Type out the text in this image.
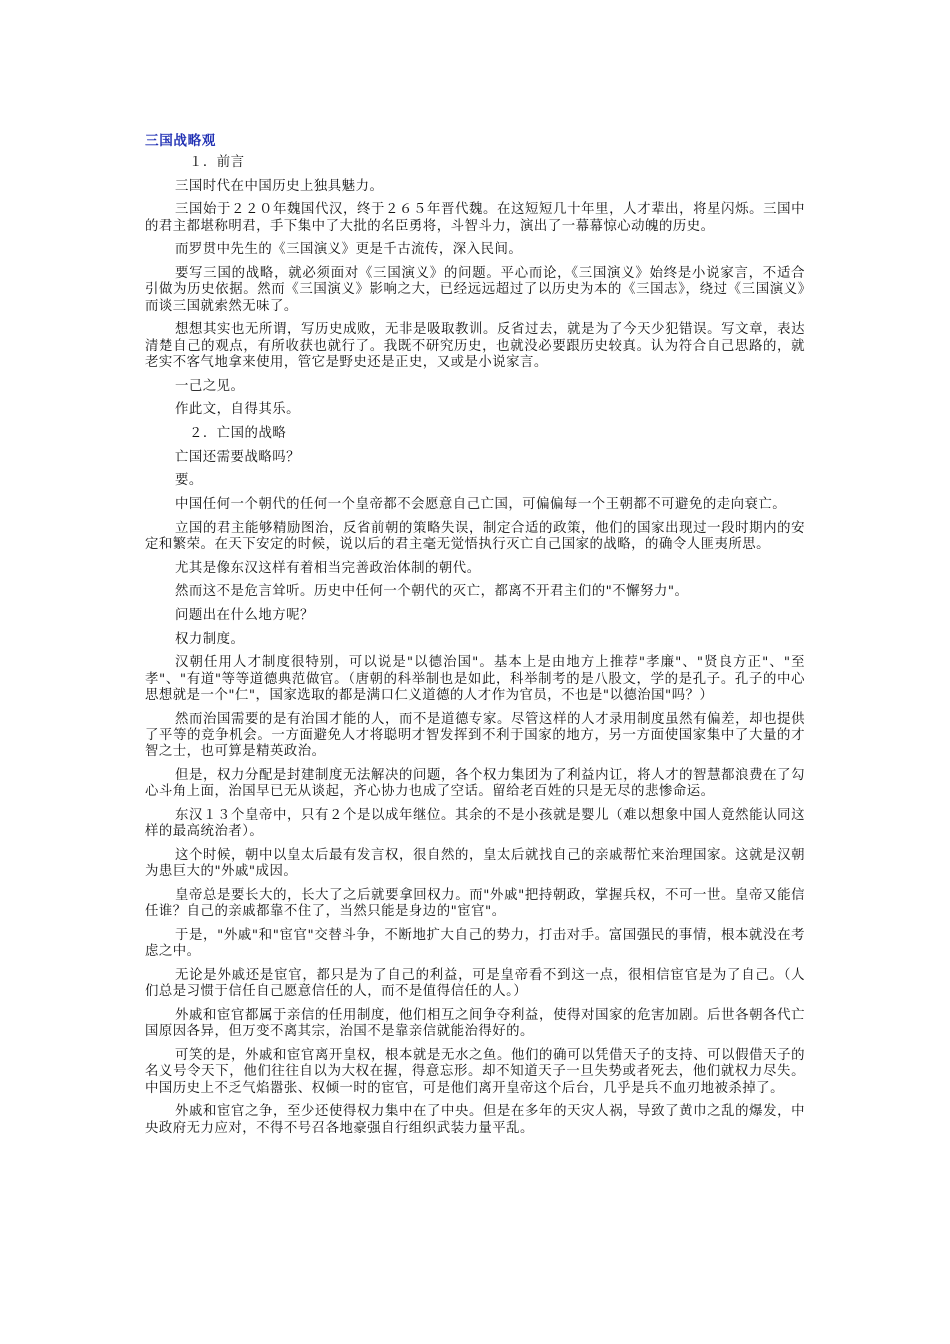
三国战略观

１．前言

三国时代在中国历史上独具魅力。

三国始于２２０年魏国代汉，终于２６５年晋代魏。在这短短几十年里，人才辈出，将星闪烁。三国中的君主都堪称明君，手下集中了大批的名臣勇将，斗智斗力，演出了一幕幕惊心动魄的历史。

而罗贯中先生的《三国演义》更是千古流传，深入民间。

要写三国的战略，就必须面对《三国演义》的问题。平心而论，《三国演义》始终是小说家言，不适合引做为历史依据。然而《三国演义》影响之大，已经远远超过了以历史为本的《三国志》，绕过《三国演义》而谈三国就索然无味了。

想想其实也无所谓，写历史成败，无非是吸取教训。反省过去，就是为了今天少犯错误。写文章，表达清楚自己的观点，有所收获也就行了。我既不研究历史，也就没必要跟历史较真。认为符合自己思路的，就老实不客气地拿来使用，管它是野史还是正史，又或是小说家言。

一己之见。

作此文，自得其乐。

２．亡国的战略

亡国还需要战略吗？

要。

中国任何一个朝代的任何一个皇帝都不会愿意自己亡国，可偏偏每一个王朝都不可避免的走向衰亡。

立国的君主能够精励图治，反省前朝的策略失误，制定合适的政策，他们的国家出现过一段时期内的安定和繁荣。在天下安定的时候，说以后的君主毫无觉悟执行灭亡自己国家的战略，的确令人匪夷所思。

尤其是像东汉这样有着相当完善政治体制的朝代。

然而这不是危言耸听。历史中任何一个朝代的灭亡，都离不开君主们的"不懈努力"。

问题出在什么地方呢？

权力制度。

汉朝任用人才制度很特别，可以说是"以德治国"。基本上是由地方上推荐"孝廉"、"贤良方正"、"至孝"、"有道"等等道德典范做官。（唐朝的科举制也是如此，科举制考的是八股文，学的是孔子。孔子的中心思想就是一个"仁"，国家选取的都是满口仁义道德的人才作为官员，不也是"以德治国"吗？）

然而治国需要的是有治国才能的人，而不是道德专家。尽管这样的人才录用制度虽然有偏差，却也提供了平等的竞争机会。一方面避免人才将聪明才智发挥到不利于国家的地方，另一方面使国家集中了大量的才智之士，也可算是精英政治。

但是，权力分配是封建制度无法解决的问题，各个权力集团为了利益内讧，将人才的智慧都浪费在了勾心斗角上面，治国早已无从谈起，齐心协力也成了空话。留给老百姓的只是无尽的悲惨命运。

东汉１３个皇帝中，只有２个是以成年继位。其余的不是小孩就是婴儿（难以想象中国人竟然能认同这样的最高统治者）。

这个时候，朝中以皇太后最有发言权，很自然的，皇太后就找自己的亲戚帮忙来治理国家。这就是汉朝为患巨大的"外戚"成因。

皇帝总是要长大的，长大了之后就要拿回权力。而"外戚"把持朝政，掌握兵权，不可一世。皇帝又能信任谁？自己的亲戚都靠不住了，当然只能是身边的"宦官"。

于是，"外戚"和"宦官"交替斗争，不断地扩大自己的势力，打击对手。富国强民的事情，根本就没在考虑之中。

无论是外戚还是宦官，都只是为了自己的利益，可是皇帝看不到这一点，很相信宦官是为了自己。（人们总是习惯于信任自己愿意信任的人，而不是值得信任的人。）

外戚和宦官都属于亲信的任用制度，他们相互之间争夺利益，使得对国家的危害加剧。后世各朝各代亡国原因各异，但万变不离其宗，治国不是靠亲信就能治得好的。

可笑的是，外戚和宦官离开皇权，根本就是无水之鱼。他们的确可以凭借天子的支持、可以假借天子的名义号令天下，他们往往自以为大权在握，得意忘形。却不知道天子一旦失势或者死去，他们就权力尽失。中国历史上不乏气焰嚣张、权倾一时的宦官，可是他们离开皇帝这个后台，几乎是兵不血刃地被杀掉了。

外戚和宦官之争，至少还使得权力集中在了中央。但是在多年的天灾人祸，导致了黄巾之乱的爆发，中央政府无力应对，不得不号召各地豪强自行组织武装力量平乱。
